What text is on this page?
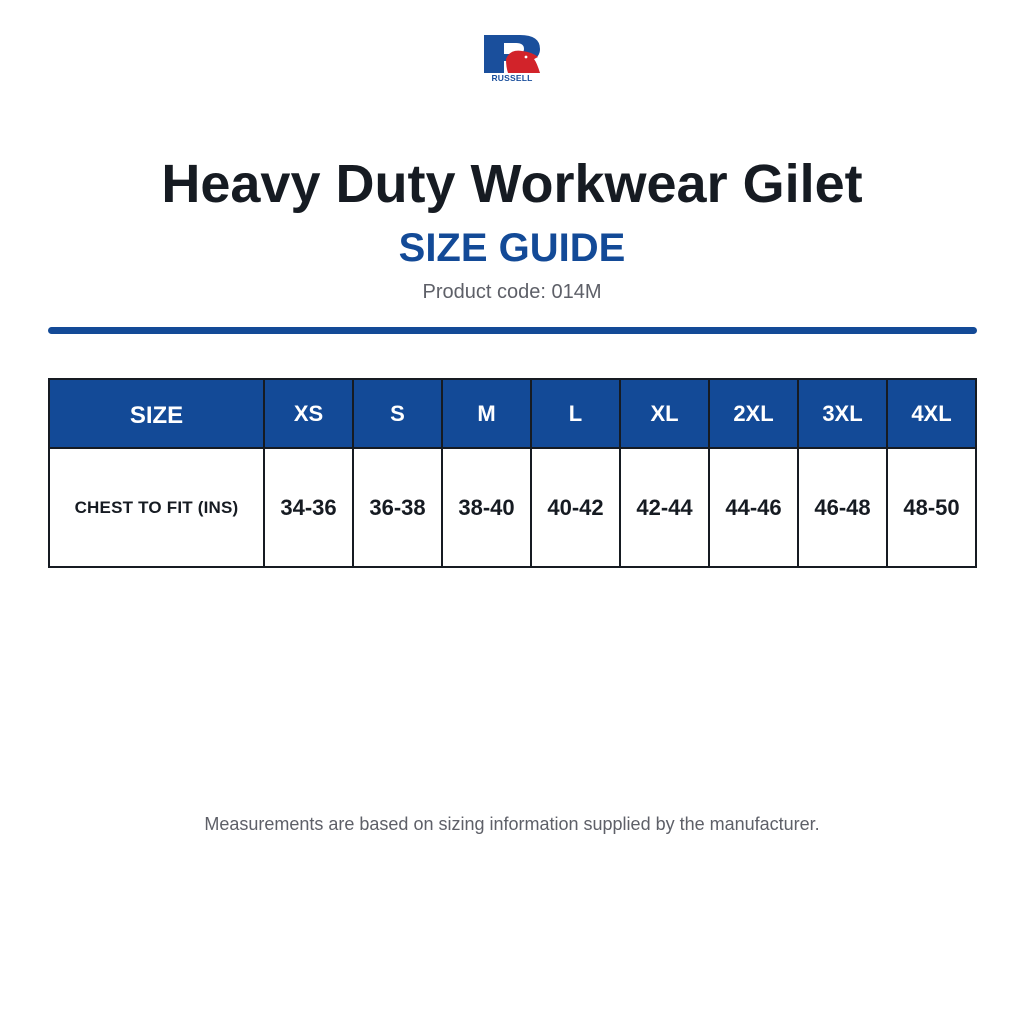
RUSSELL
Heavy Duty Workwear Gilet
SIZE GUIDE
Product code: 014M
SIZE	XS	S	M	L	XL	2XL	3XL	4XL
CHEST TO FIT (INS)	34-36	36-38	38-40	40-42	42-44	44-46	46-48	48-50
Measurements are based on sizing information supplied by the manufacturer.
